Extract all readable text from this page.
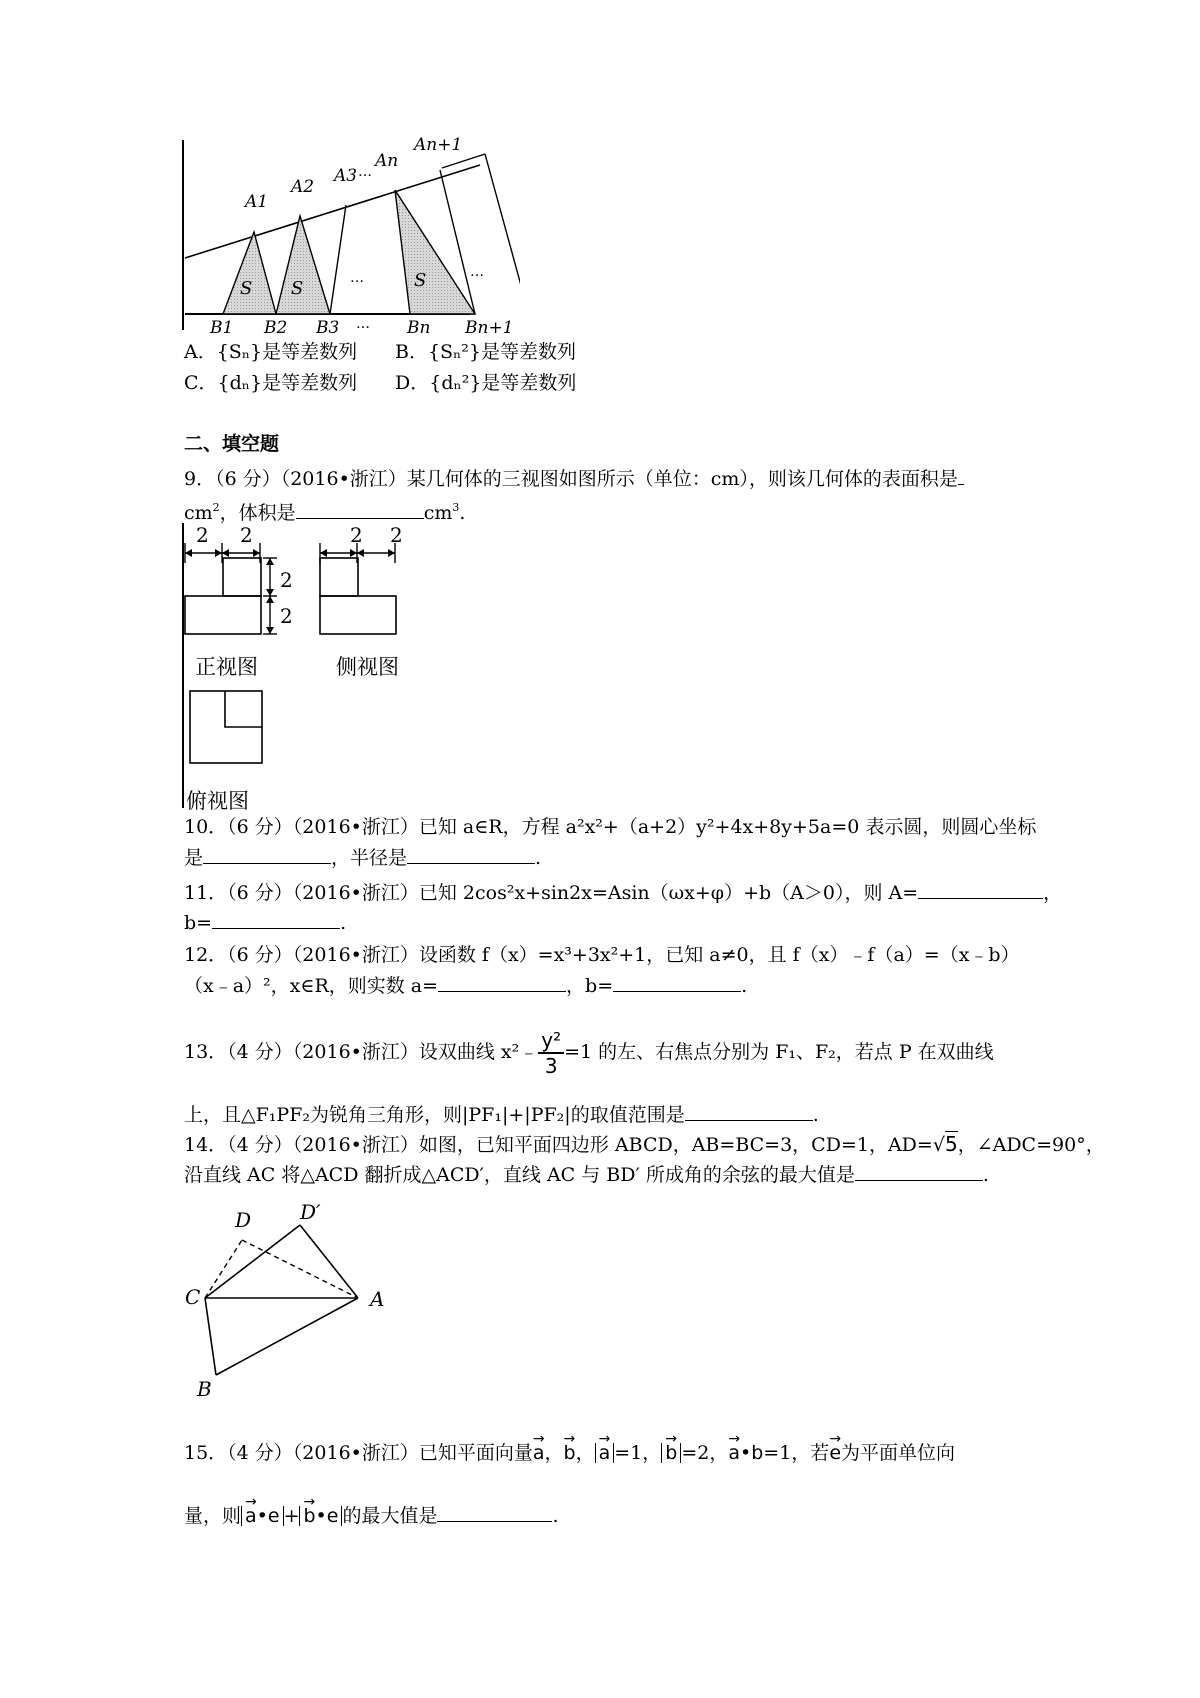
A1
A2
A3
An
An+1
B1 B2 B3	Bn Bn+1
S S	S
…	…
…
…
A．{Sₙ}是等差数列 B．{Sₙ²}是等差数列
C．{dₙ}是等差数列 D．{dₙ²}是等差数列
二、填空题
9．（6 分）（2016•浙江）某几何体的三视图如图所示（单位：cm），则该几何体的表面积是
$cm^2$，体积是	$cm^3$.
2 2
2
2
2 2
正视图	侧视图
俯视图
10．（6 分）（2016•浙江）已知 a∈R，方程 a²x²+（a+2）y²+4x+8y+5a=0 表示圆，则圆心坐标
是	，半径是	.
11．（6 分）（2016•浙江）已知 2cos²x+sin2x=Asin（ωx+φ）+b（A＞0），则 A=	，
b=	.
12．（6 分）（2016•浙江）设函数 f（x）=x³+3x²+1，已知 a≠0，且 f（x）﹣f（a）=（x﹣b）
（x﹣a）²，x∈R，则实数 a=	，b=	.
13．（4 分）（2016•浙江）设双曲线 x²﹣ $\frac{\text{y²}}{3} =1$ 的左、右焦点分别为 F₁、F₂，若点 P 在双曲线
上，且△F₁PF₂为锐角三角形，则|PF₁|+|PF₂|的取值范围是	.
14．（4 分）（2016•浙江）如图，已知平面四边形 ABCD，AB=BC=3，CD=1，AD=√5，∠ADC=90°，
沿直线 AC 将△ACD 翻折成△ACD′，直线 AC 与 BD′ 所成角的余弦的最大值是	.
D D′
C	A
B
15．（4 分）（2016•浙江）已知平面向量→ a，→ b， → a =1， → b =2，→ a•b=1，若→ e为平面单位向
量，则 → a•e + → b•e 的最大值是	.
